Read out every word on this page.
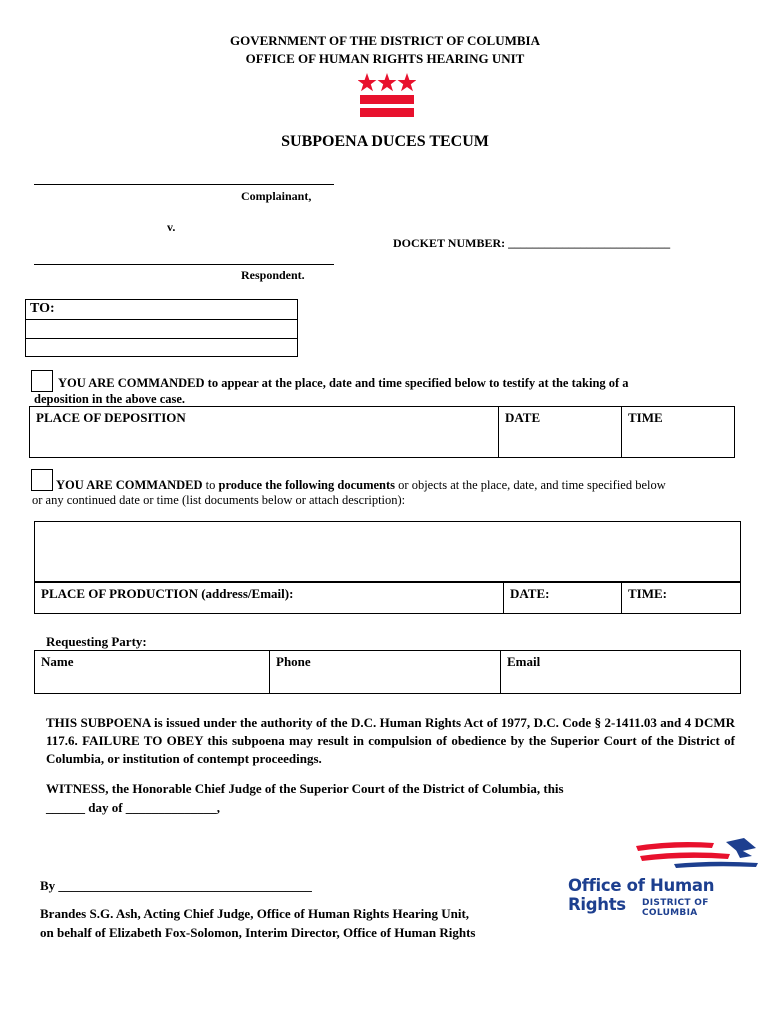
GOVERNMENT OF THE DISTRICT OF COLUMBIA
OFFICE OF HUMAN RIGHTS HEARING UNIT
SUBPOENA DUCES TECUM
Complainant,
v.
DOCKET NUMBER: ___________________________
Respondent.
TO:
YOU ARE COMMANDED to appear at the place, date and time specified below to testify at the taking of a
deposition in the above case.
PLACE OF DEPOSITION	DATE	TIME
YOU ARE COMMANDED to produce the following documents or objects at the place, date, and time specified below
or any continued date or time (list documents below or attach description):
PLACE OF PRODUCTION (address/Email):	DATE:	TIME:
Requesting Party:
Name	Phone	Email
THIS SUBPOENA is issued under the authority of the D.C. Human Rights Act of 1977, D.C. Code § 2-1411.03 and 4 DCMR 117.6. FAILURE TO OBEY this subpoena may result in compulsion of obedience by the Superior Court of the District of Columbia, or institution of contempt proceedings.
WITNESS, the Honorable Chief Judge of the Superior Court of the District of Columbia, this
______ day of ______________,
By _______________________________________
Brandes S.G. Ash, Acting Chief Judge, Office of Human Rights Hearing Unit,
on behalf of Elizabeth Fox-Solomon, Interim Director, Office of Human Rights
Office of Human Rights	DISTRICT OF COLUMBIA
